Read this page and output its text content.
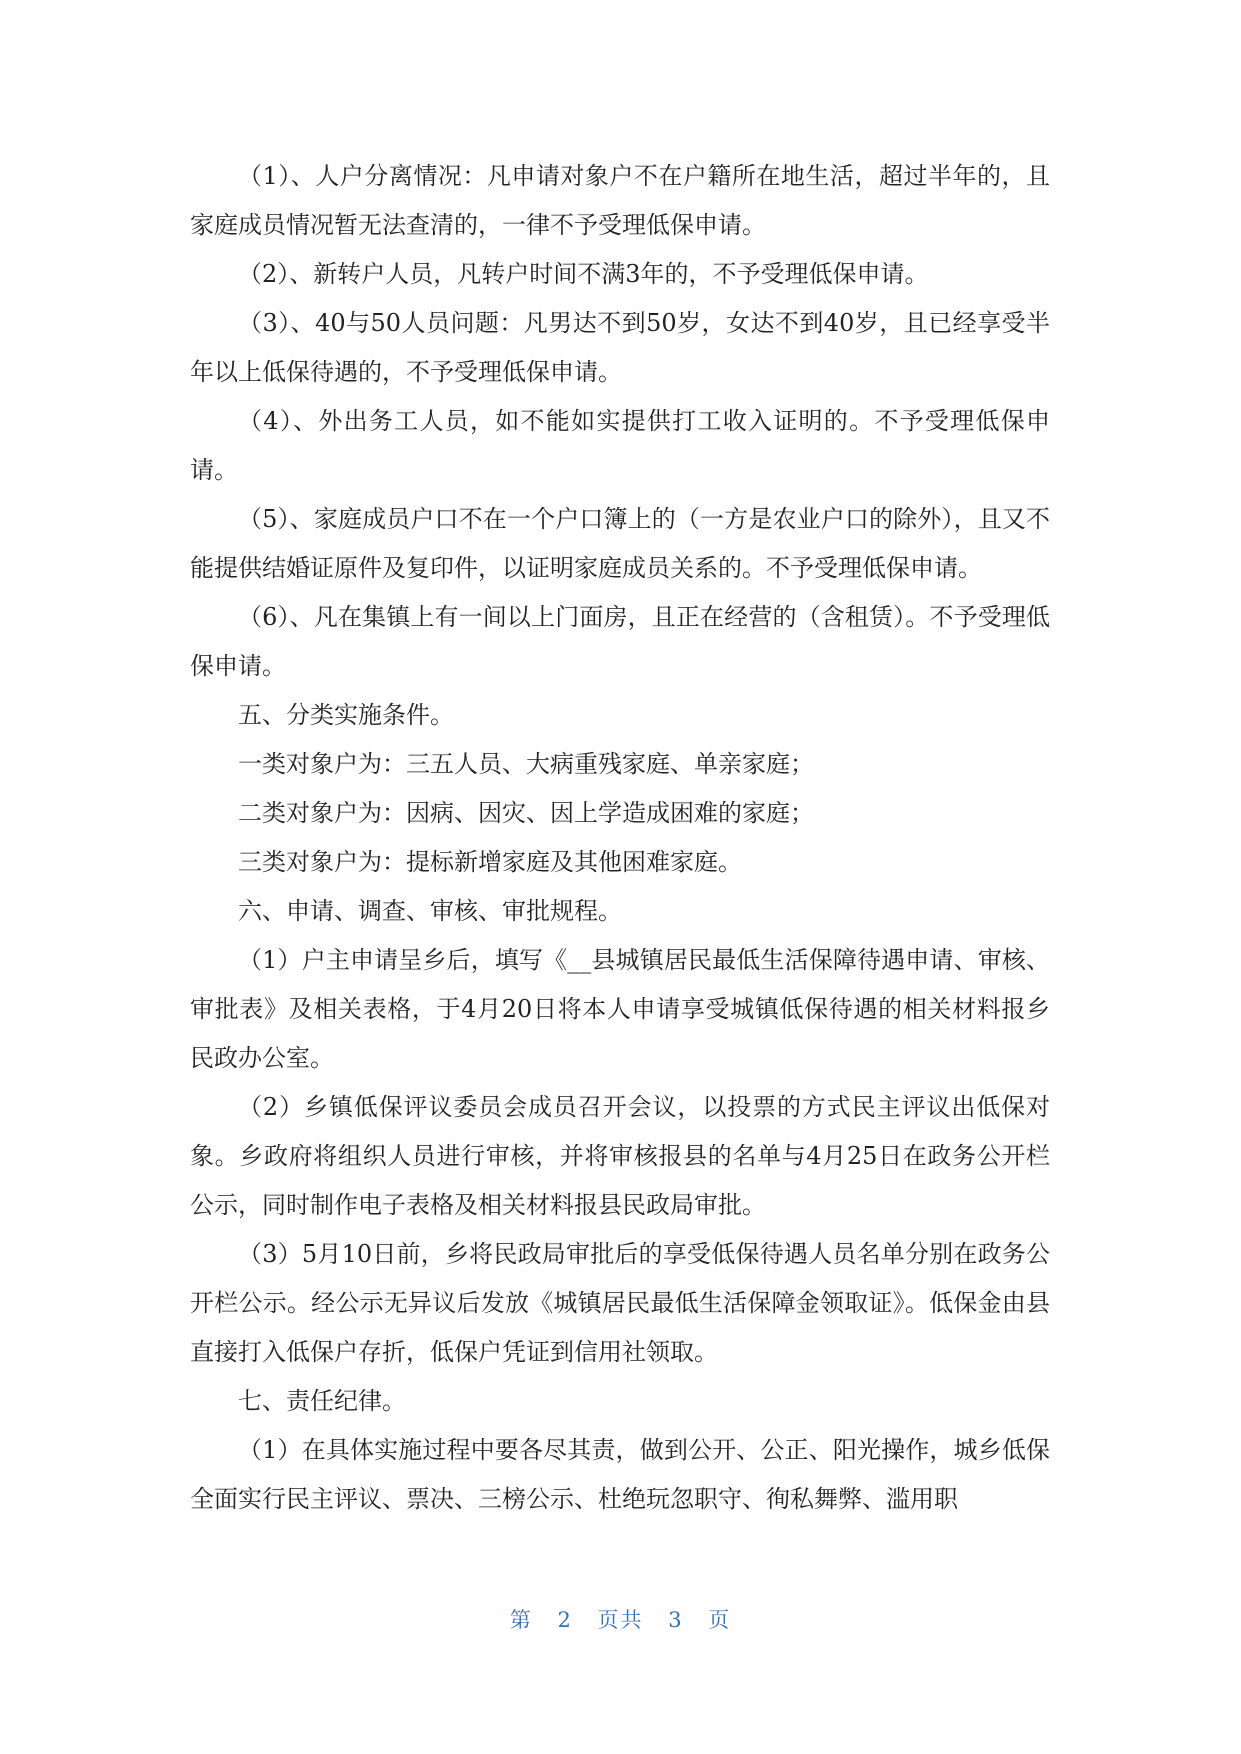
（1）、人户分离情况：凡申请对象户不在户籍所在地生活，超过半年的，且家庭成员情况暂无法查清的，一律不予受理低保申请。

（2）、新转户人员，凡转户时间不满3年的，不予受理低保申请。

（3）、40与50人员问题：凡男达不到50岁，女达不到40岁，且已经享受半年以上低保待遇的，不予受理低保申请。

（4）、外出务工人员，如不能如实提供打工收入证明的。不予受理低保申请。

（5）、家庭成员户口不在一个户口簿上的（一方是农业户口的除外），且又不能提供结婚证原件及复印件，以证明家庭成员关系的。不予受理低保申请。

（6）、凡在集镇上有一间以上门面房，且正在经营的（含租赁）。不予受理低保申请。

五、分类实施条件。

一类对象户为：三五人员、大病重残家庭、单亲家庭；

二类对象户为：因病、因灾、因上学造成困难的家庭；

三类对象户为：提标新增家庭及其他困难家庭。

六、申请、调查、审核、审批规程。

（1）户主申请呈乡后，填写《__县城镇居民最低生活保障待遇申请、审核、审批表》及相关表格，于4月20日将本人申请享受城镇低保待遇的相关材料报乡民政办公室。

（2）乡镇低保评议委员会成员召开会议，以投票的方式民主评议出低保对象。乡政府将组织人员进行审核，并将审核报县的名单与4月25日在政务公开栏公示，同时制作电子表格及相关材料报县民政局审批。

（3）5月10日前，乡将民政局审批后的享受低保待遇人员名单分别在政务公开栏公示。经公示无异议后发放《城镇居民最低生活保障金领取证》。低保金由县直接打入低保户存折，低保户凭证到信用社领取。

七、责任纪律。

（1）在具体实施过程中要各尽其责，做到公开、公正、阳光操作，城乡低保全面实行民主评议、票决、三榜公示、杜绝玩忽职守、徇私舞弊、滥用职

第 2 页共 3 页
